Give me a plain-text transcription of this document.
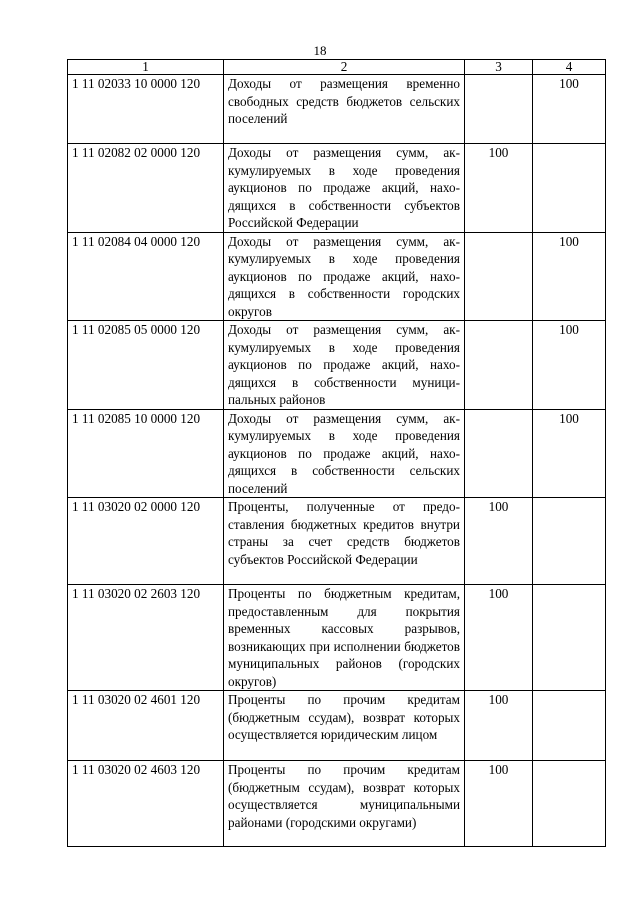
18
1	2	3	4
1 11 02033 10 0000 120	Доходы от размещения временно свободных средств бюджетов сельских поселений		100
1 11 02082 02 0000 120	Доходы от размещения сумм, аккумулируемых в ходе проведения аукционов по продаже акций, находящихся в собственности субъектов Российской Федерации	100	
1 11 02084 04 0000 120	Доходы от размещения сумм, аккумулируемых в ходе проведения аукционов по продаже акций, находящихся в собственности городских округов		100
1 11 02085 05 0000 120	Доходы от размещения сумм, аккумулируемых в ходе проведения аукционов по продаже акций, находящихся в собственности муниципальных районов		100
1 11 02085 10 0000 120	Доходы от размещения сумм, аккумулируемых в ходе проведения аукционов по продаже акций, находящихся в собственности сельских поселений		100
1 11 03020 02 0000 120	Проценты, полученные от предоставления бюджетных кредитов внутри страны за счет средств бюджетов субъектов Российской Федерации	100	
1 11 03020 02 2603 120	Проценты по бюджетным кредитам, предоставленным для покрытия временных кассовых разрывов, возникающих при исполнении бюджетов муниципальных районов (городских округов)	100	
1 11 03020 02 4601 120	Проценты по прочим кредитам (бюджетным ссудам), возврат которых осуществляется юридическим лицом	100	
1 11 03020 02 4603 120	Проценты по прочим кредитам (бюджетным ссудам), возврат которых осуществляется муниципальными районами (городскими округами)	100	
